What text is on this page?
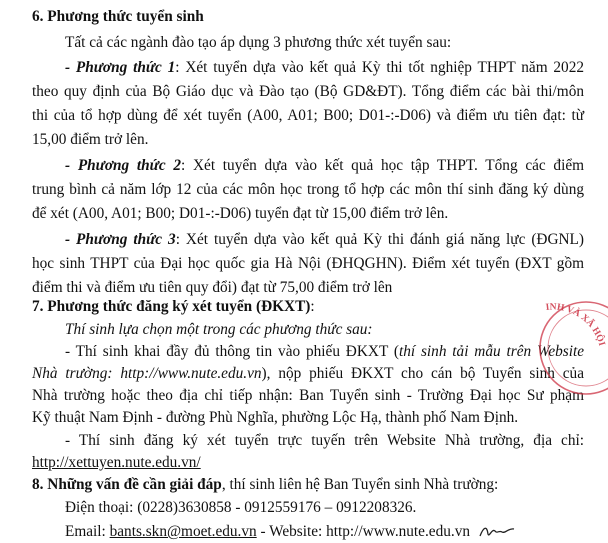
6. Phương thức tuyển sinh
Tất cả các ngành đào tạo áp dụng 3 phương thức xét tuyển sau:
- Phương thức 1: Xét tuyển dựa vào kết quả Kỳ thi tốt nghiệp THPT năm 2022
theo quy định của Bộ Giáo dục và Đào tạo (Bộ GD&ĐT). Tổng điểm các bài thi/môn
thi của tổ hợp dùng để xét tuyển (A00, A01; B00; D01-:-D06) và điểm ưu tiên đạt: từ
15,00 điểm trở lên.
- Phương thức 2: Xét tuyển dựa vào kết quả học tập THPT. Tổng các điểm
trung bình cả năm lớp 12 của các môn học trong tổ hợp các môn thí sinh đăng ký dùng
để xét (A00, A01; B00; D01-:-D06) tuyển đạt từ 15,00 điểm trở lên.
- Phương thức 3: Xét tuyển dựa vào kết quả Kỳ thi đánh giá năng lực (ĐGNL)
học sinh THPT của Đại học quốc gia Hà Nội (ĐHQGHN). Điểm xét tuyển (ĐXT gồm
điểm thi và điểm ưu tiên quy đổi) đạt từ 75,00 điểm trở lên
7. Phương thức đăng ký xét tuyển (ĐKXT):
Thí sinh lựa chọn một trong các phương thức sau:
- Thí sinh khai đầy đủ thông tin vào phiếu ĐKXT (thí sinh tải mẫu trên Website
Nhà trường: http://www.nute.edu.vn), nộp phiếu ĐKXT cho cán bộ Tuyển sinh của
Nhà trường hoặc theo địa chỉ tiếp nhận: Ban Tuyển sinh - Trường Đại học Sư phạm
Kỹ thuật Nam Định - đường Phù Nghĩa, phường Lộc Hạ, thành phố Nam Định.
- Thí sinh đăng ký xét tuyển trực tuyến trên Website Nhà trường, địa chỉ:
http://xettuyen.nute.edu.vn/
8. Những vấn đề cần giải đáp, thí sinh liên hệ Ban Tuyển sinh Nhà trường:
Điện thoại: (0228)3630858 - 0912559176 – 0912208326.
Email: bants.skn@moet.edu.vn - Website: http://www.nute.edu.vn
INH VÀ XÃ HỘI
